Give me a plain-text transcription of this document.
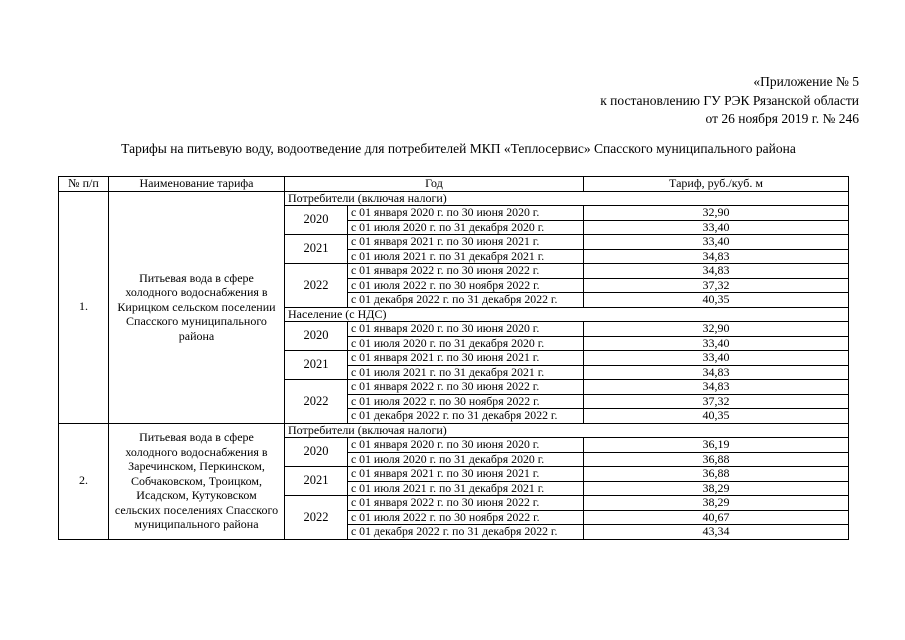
«Приложение № 5
к постановлению ГУ РЭК Рязанской области
от 26 ноября 2019 г. № 246
Тарифы на питьевую воду, водоотведение для потребителей МКП «Теплосервис» Спасского муниципального района
№ п/п	Наименование тарифа	Год		Тариф, руб./куб. м
1.	Питьевая вода в сфере холодного водоснабжения в Кирицком сельском поселении Спасского муниципального района	Потребители (включая налоги)		
		2020	с 01 января 2020 г. по 30 июня 2020 г.	32,90
			с 01 июля 2020 г. по 31 декабря 2020 г.	33,40
		2021	с 01 января 2021 г. по 30 июня 2021 г.	33,40
			с 01 июля 2021 г. по 31 декабря 2021 г.	34,83
		2022	с 01 января 2022 г. по 30 июня 2022 г.	34,83
			с 01 июля 2022 г. по 30 ноября 2022 г.	37,32
			с 01 декабря 2022 г. по 31 декабря 2022 г.	40,35
		Население (с НДС)		
		2020	с 01 января 2020 г. по 30 июня 2020 г.	32,90
			с 01 июля 2020 г. по 31 декабря 2020 г.	33,40
		2021	с 01 января 2021 г. по 30 июня 2021 г.	33,40
			с 01 июля 2021 г. по 31 декабря 2021 г.	34,83
		2022	с 01 января 2022 г. по 30 июня 2022 г.	34,83
			с 01 июля 2022 г. по 30 ноября 2022 г.	37,32
			с 01 декабря 2022 г. по 31 декабря 2022 г.	40,35
2.	Питьевая вода в сфере холодного водоснабжения в Заречинском, Перкинском, Собчаковском, Троицком, Исадском, Кутуковском сельских поселениях Спасского муниципального района	Потребители (включая налоги)		
		2020	с 01 января 2020 г. по 30 июня 2020 г.	36,19
			с 01 июля 2020 г. по 31 декабря 2020 г.	36,88
		2021	с 01 января 2021 г. по 30 июня 2021 г.	36,88
			с 01 июля 2021 г. по 31 декабря 2021 г.	38,29
		2022	с 01 января 2022 г. по 30 июня 2022 г.	38,29
			с 01 июля 2022 г. по 30 ноября 2022 г.	40,67
			с 01 декабря 2022 г. по 31 декабря 2022 г.	43,34
